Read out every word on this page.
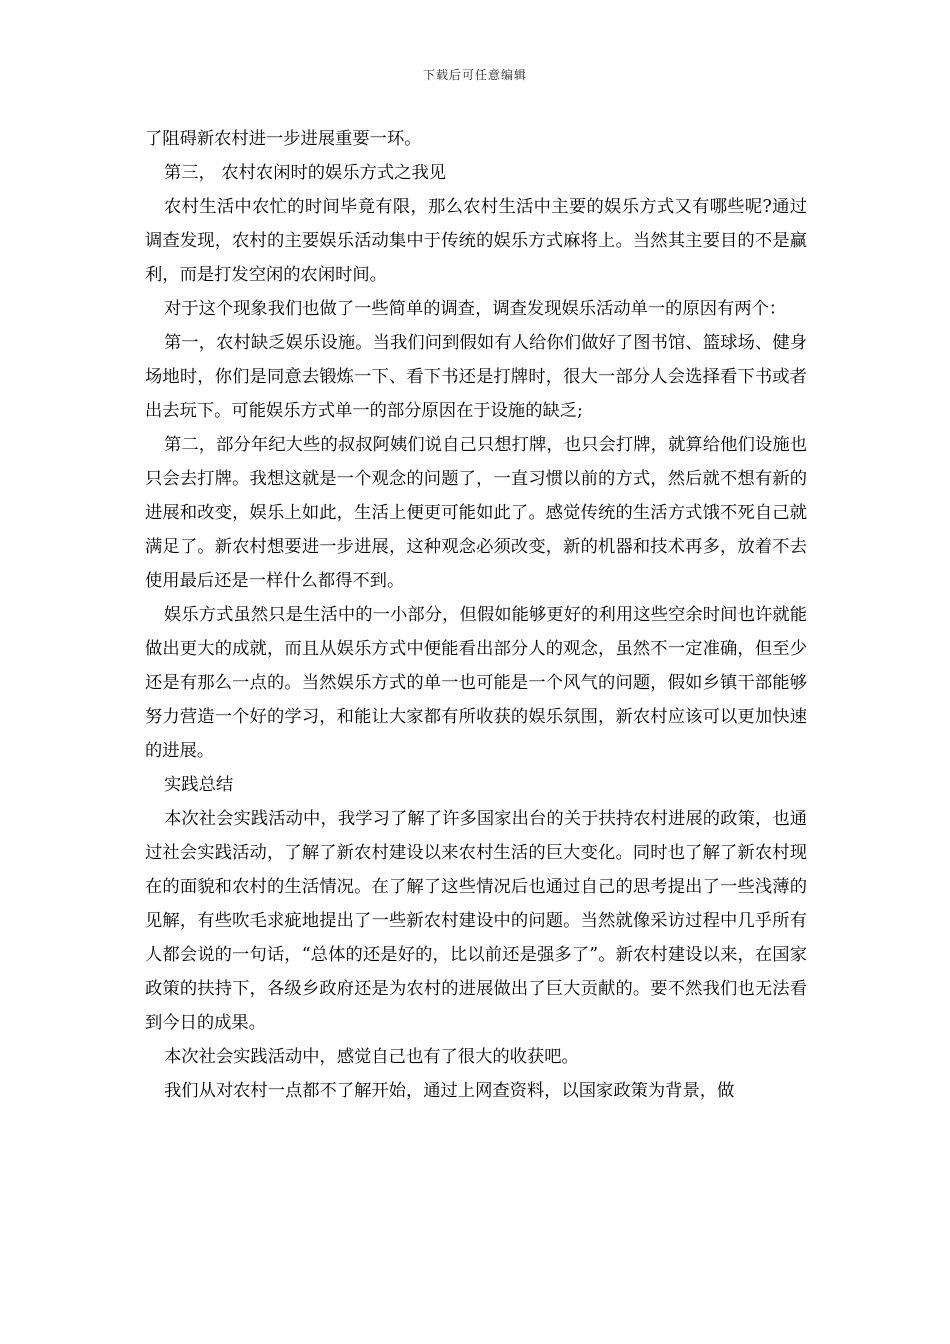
下载后可任意编辑

了阻碍新农村进一步进展重要一环。

第三， 农村农闲时的娱乐方式之我见

农村生活中农忙的时间毕竟有限，那么农村生活中主要的娱乐方式又有哪些呢?通过调查发现，农村的主要娱乐活动集中于传统的娱乐方式麻将上。当然其主要目的不是赢利，而是打发空闲的农闲时间。

对于这个现象我们也做了一些简单的调查，调查发现娱乐活动单一的原因有两个：

第一，农村缺乏娱乐设施。当我们问到假如有人给你们做好了图书馆、篮球场、健身场地时，你们是同意去锻炼一下、看下书还是打牌时，很大一部分人会选择看下书或者出去玩下。可能娱乐方式单一的部分原因在于设施的缺乏;

第二，部分年纪大些的叔叔阿姨们说自己只想打牌，也只会打牌，就算给他们设施也只会去打牌。我想这就是一个观念的问题了，一直习惯以前的方式，然后就不想有新的进展和改变，娱乐上如此，生活上便更可能如此了。感觉传统的生活方式饿不死自己就满足了。新农村想要进一步进展，这种观念必须改变，新的机器和技术再多，放着不去使用最后还是一样什么都得不到。

娱乐方式虽然只是生活中的一小部分，但假如能够更好的利用这些空余时间也许就能做出更大的成就，而且从娱乐方式中便能看出部分人的观念，虽然不一定准确，但至少还是有那么一点的。当然娱乐方式的单一也可能是一个风气的问题，假如乡镇干部能够努力营造一个好的学习，和能让大家都有所收获的娱乐氛围，新农村应该可以更加快速的进展。

实践总结

本次社会实践活动中，我学习了解了许多国家出台的关于扶持农村进展的政策，也通过社会实践活动，了解了新农村建设以来农村生活的巨大变化。同时也了解了新农村现在的面貌和农村的生活情况。在了解了这些情况后也通过自己的思考提出了一些浅薄的见解，有些吹毛求疵地提出了一些新农村建设中的问题。当然就像采访过程中几乎所有人都会说的一句话，“总体的还是好的，比以前还是强多了”。新农村建设以来，在国家政策的扶持下，各级乡政府还是为农村的进展做出了巨大贡献的。要不然我们也无法看到今日的成果。

本次社会实践活动中，感觉自己也有了很大的收获吧。

我们从对农村一点都不了解开始，通过上网查资料，以国家政策为背景，做
